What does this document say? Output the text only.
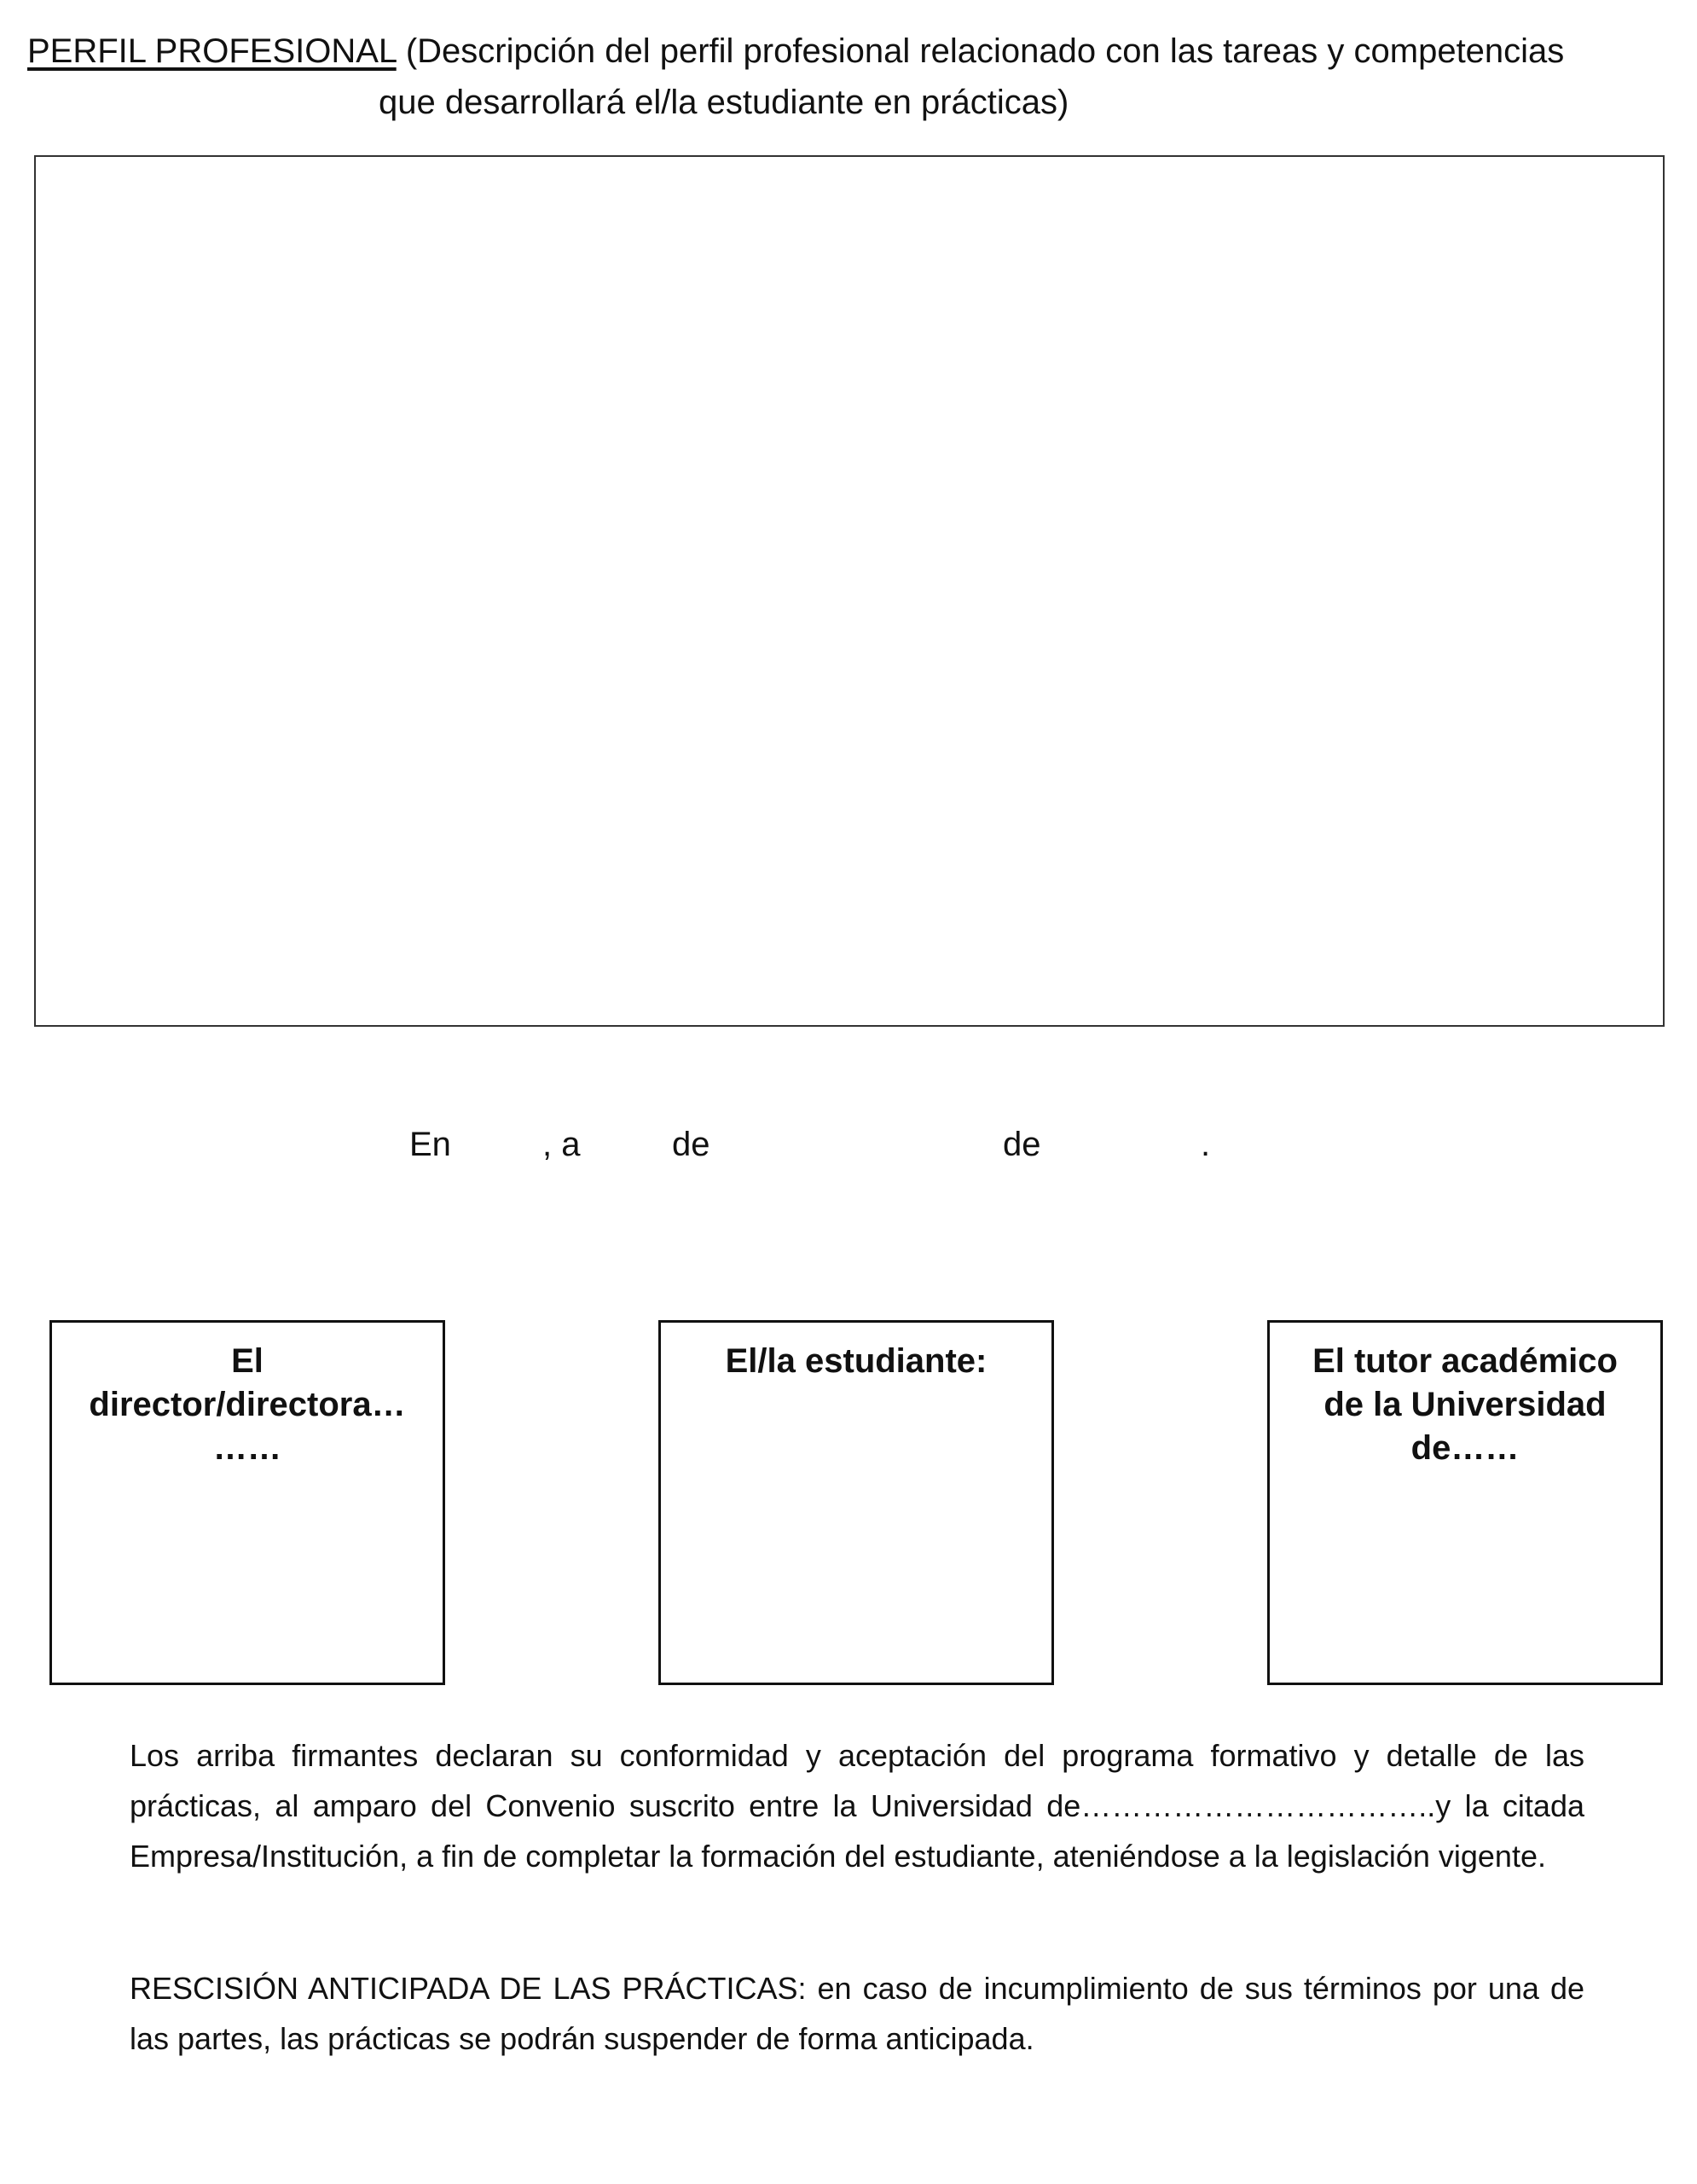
PERFIL PROFESIONAL (Descripción del perfil profesional relacionado con las tareas y competencias
que desarrollará el/la estudiante en prácticas)
En	, a	de	de	.
El director/directora…
……
El/la estudiante:	El tutor académico de la Universidad de……

Los arriba firmantes declaran su conformidad y aceptación del programa formativo y detalle de las prácticas, al amparo del Convenio suscrito entre la Universidad de……………………………..y la citada Empresa/Institución, a fin de completar la formación del estudiante, ateniéndose a la legislación vigente.

RESCISIÓN ANTICIPADA DE LAS PRÁCTICAS: en caso de incumplimiento de sus términos por una de las partes, las prácticas se podrán suspender de forma anticipada.
